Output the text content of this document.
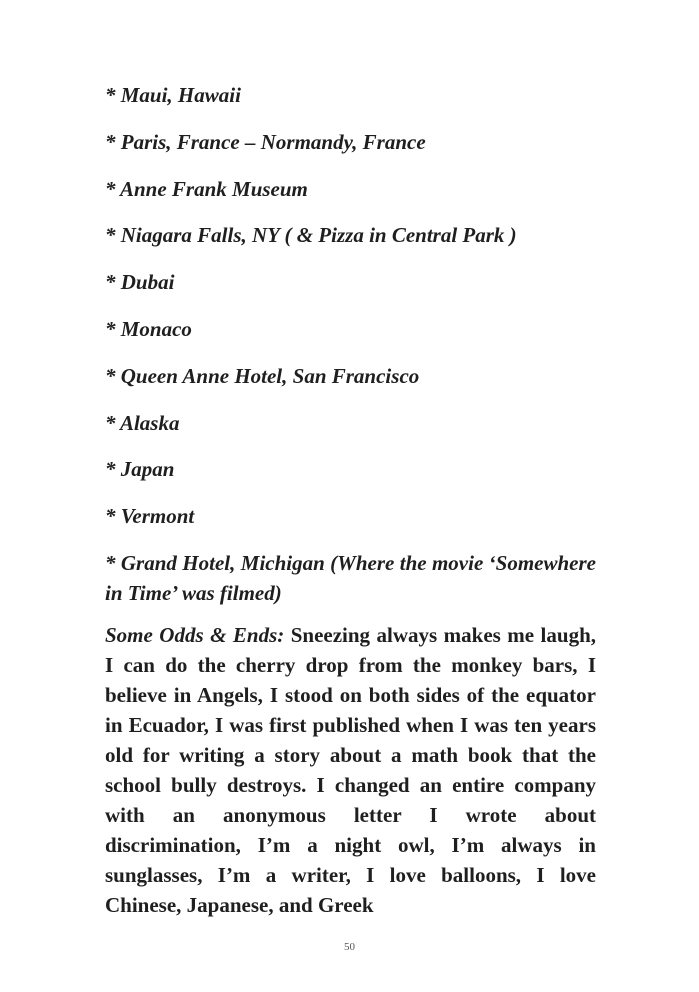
* Maui, Hawaii
* Paris, France – Normandy, France
* Anne Frank Museum
* Niagara Falls, NY ( & Pizza in Central Park )
* Dubai
* Monaco
* Queen Anne Hotel, San Francisco
* Alaska
* Japan
* Vermont
* Grand Hotel, Michigan (Where the movie ‘Somewhere in Time’ was filmed)

Some Odds & Ends: Sneezing always makes me laugh, I can do the cherry drop from the monkey bars, I believe in Angels, I stood on both sides of the equator in Ecuador, I was first published when I was ten years old for writing a story about a math book that the school bully destroys. I changed an entire company with an anonymous letter I wrote about discrimination, I’m a night owl, I’m always in sunglasses, I’m a writer, I love balloons, I love Chinese, Japanese, and Greek

50
